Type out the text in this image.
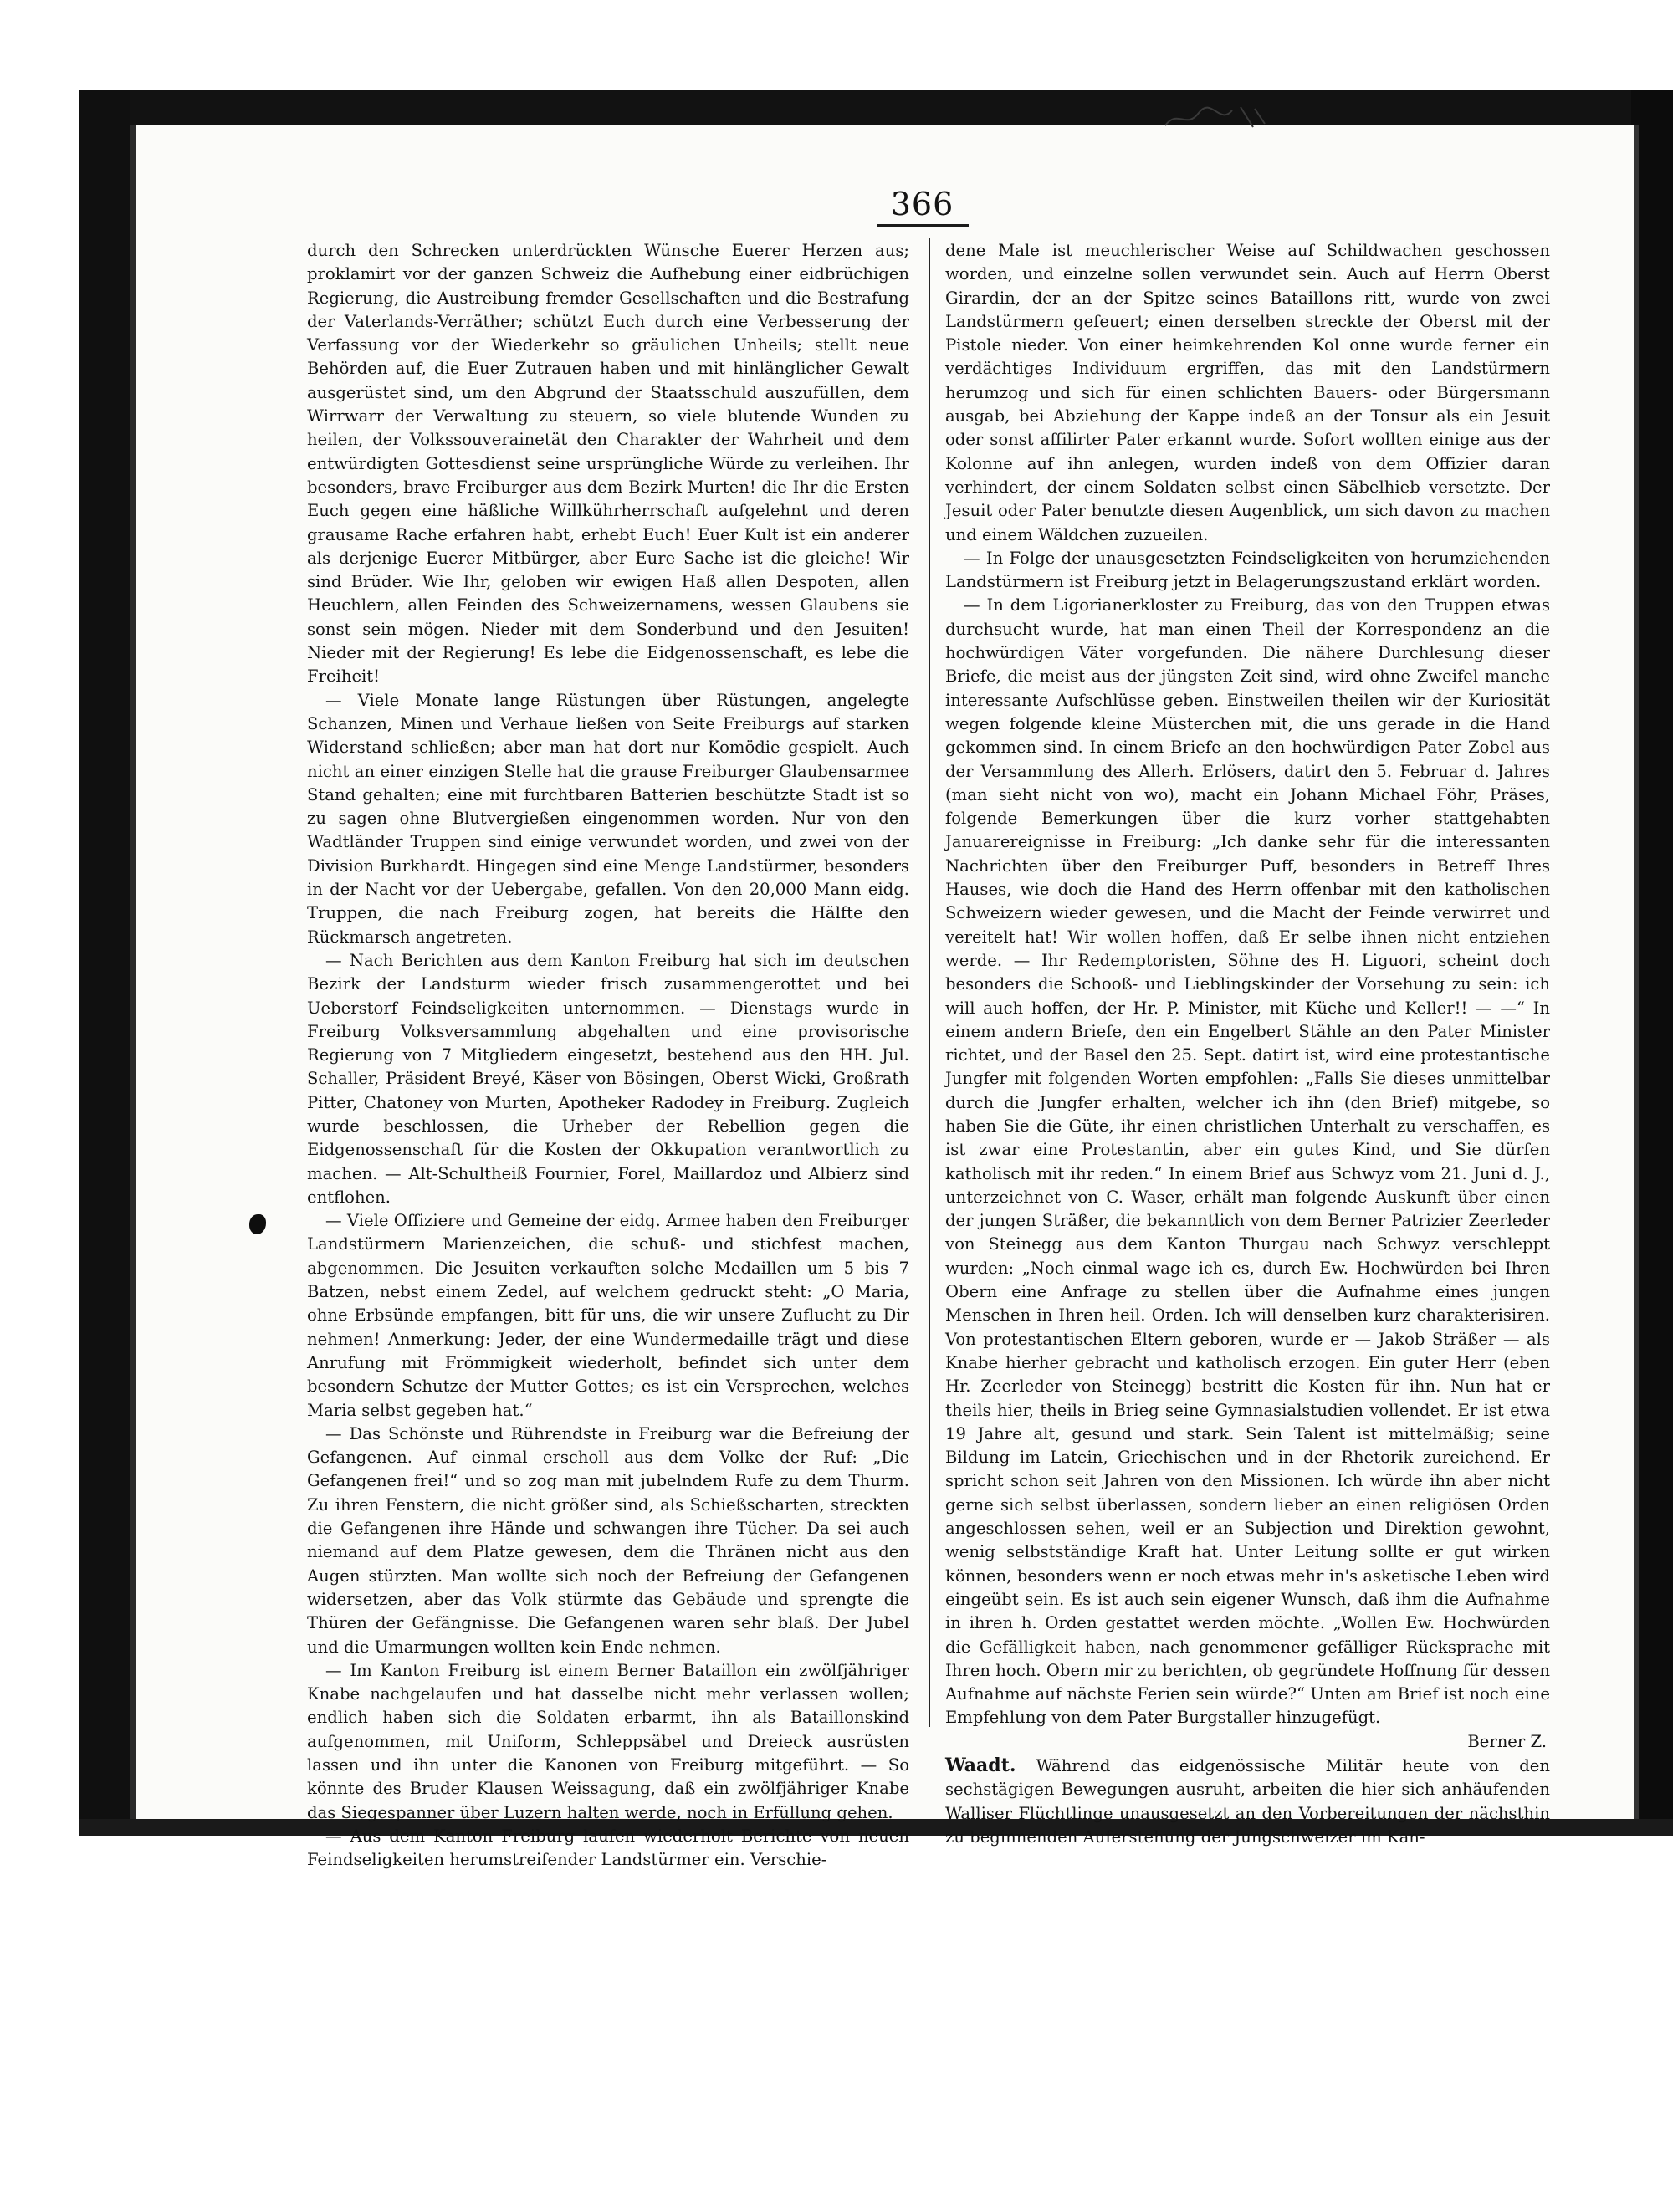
366

durch den Schrecken unterdrückten Wünsche Euerer Herzen aus; proklamirt vor der ganzen Schweiz die Aufhebung einer eidbrüchigen Regierung, die Austreibung fremder Gesellschaften und die Bestrafung der Vaterlands-Verräther; schützt Euch durch eine Verbesserung der Verfassung vor der Wiederkehr so gräulichen Unheils; stellt neue Behörden auf, die Euer Zutrauen haben und mit hinlänglicher Gewalt ausgerüstet sind, um den Abgrund der Staatsschuld auszufüllen, dem Wirrwarr der Verwaltung zu steuern, so viele blutende Wunden zu heilen, der Volkssouverainetät den Charakter der Wahrheit und dem entwürdigten Gottesdienst seine ursprüngliche Würde zu verleihen. Ihr besonders, brave Freiburger aus dem Bezirk Murten! die Ihr die Ersten Euch gegen eine häßliche Willkührherrschaft aufgelehnt und deren grausame Rache erfahren habt, erhebt Euch! Euer Kult ist ein anderer als derjenige Euerer Mitbürger, aber Eure Sache ist die gleiche! Wir sind Brüder. Wie Ihr, geloben wir ewigen Haß allen Despoten, allen Heuchlern, allen Feinden des Schweizernamens, wessen Glaubens sie sonst sein mögen. Nieder mit dem Sonderbund und den Jesuiten! Nieder mit der Regierung! Es lebe die Eidgenossenschaft, es lebe die Freiheit!

— Viele Monate lange Rüstungen über Rüstungen, angelegte Schanzen, Minen und Verhaue ließen von Seite Freiburgs auf starken Widerstand schließen; aber man hat dort nur Komödie gespielt. Auch nicht an einer einzigen Stelle hat die grause Freiburger Glaubensarmee Stand gehalten; eine mit furchtbaren Batterien beschützte Stadt ist so zu sagen ohne Blutvergießen eingenommen worden. Nur von den Wadtländer Truppen sind einige verwundet worden, und zwei von der Division Burkhardt. Hingegen sind eine Menge Landstürmer, besonders in der Nacht vor der Uebergabe, gefallen. Von den 20,000 Mann eidg. Truppen, die nach Freiburg zogen, hat bereits die Hälfte den Rückmarsch angetreten.

— Nach Berichten aus dem Kanton Freiburg hat sich im deutschen Bezirk der Landsturm wieder frisch zusammengerottet und bei Ueberstorf Feindseligkeiten unternommen. — Dienstags wurde in Freiburg Volksversammlung abgehalten und eine provisorische Regierung von 7 Mitgliedern eingesetzt, bestehend aus den HH. Jul. Schaller, Präsident Breyé, Käser von Bösingen, Oberst Wicki, Großrath Pitter, Chatoney von Murten, Apotheker Radodey in Freiburg. Zugleich wurde beschlossen, die Urheber der Rebellion gegen die Eidgenossenschaft für die Kosten der Okkupation verantwortlich zu machen. — Alt-Schultheiß Fournier, Forel, Maillardoz und Albierz sind entflohen.

— Viele Offiziere und Gemeine der eidg. Armee haben den Freiburger Landstürmern Marienzeichen, die schuß- und stichfest machen, abgenommen. Die Jesuiten verkauften solche Medaillen um 5 bis 7 Batzen, nebst einem Zedel, auf welchem gedruckt steht: „O Maria, ohne Erbsünde empfangen, bitt für uns, die wir unsere Zuflucht zu Dir nehmen! Anmerkung: Jeder, der eine Wundermedaille trägt und diese Anrufung mit Frömmigkeit wiederholt, befindet sich unter dem besondern Schutze der Mutter Gottes; es ist ein Versprechen, welches Maria selbst gegeben hat.“

— Das Schönste und Rührendste in Freiburg war die Befreiung der Gefangenen. Auf einmal erscholl aus dem Volke der Ruf: „Die Gefangenen frei!“ und so zog man mit jubelndem Rufe zu dem Thurm. Zu ihren Fenstern, die nicht größer sind, als Schießscharten, streckten die Gefangenen ihre Hände und schwangen ihre Tücher. Da sei auch niemand auf dem Platze gewesen, dem die Thränen nicht aus den Augen stürzten. Man wollte sich noch der Befreiung der Gefangenen widersetzen, aber das Volk stürmte das Gebäude und sprengte die Thüren der Gefängnisse. Die Gefangenen waren sehr blaß. Der Jubel und die Umarmungen wollten kein Ende nehmen.

— Im Kanton Freiburg ist einem Berner Bataillon ein zwölfjähriger Knabe nachgelaufen und hat dasselbe nicht mehr verlassen wollen; endlich haben sich die Soldaten erbarmt, ihn als Bataillonskind aufgenommen, mit Uniform, Schleppsäbel und Dreieck ausrüsten lassen und ihn unter die Kanonen von Freiburg mitgeführt. — So könnte des Bruder Klausen Weissagung, daß ein zwölfjähriger Knabe das Siegespanner über Luzern halten werde, noch in Erfüllung gehen.

— Aus dem Kanton Freiburg laufen wiederholt Berichte von neuen Feindseligkeiten herumstreifender Landstürmer ein. Verschie-

dene Male ist meuchlerischer Weise auf Schildwachen geschossen worden, und einzelne sollen verwundet sein. Auch auf Herrn Oberst Girardin, der an der Spitze seines Bataillons ritt, wurde von zwei Landstürmern gefeuert; einen derselben streckte der Oberst mit der Pistole nieder. Von einer heimkehrenden Kol onne wurde ferner ein verdächtiges Individuum ergriffen, das mit den Landstürmern herumzog und sich für einen schlichten Bauers- oder Bürgersmann ausgab, bei Abziehung der Kappe indeß an der Tonsur als ein Jesuit oder sonst affilirter Pater erkannt wurde. Sofort wollten einige aus der Kolonne auf ihn anlegen, wurden indeß von dem Offizier daran verhindert, der einem Soldaten selbst einen Säbelhieb versetzte. Der Jesuit oder Pater benutzte diesen Augenblick, um sich davon zu machen und einem Wäldchen zuzueilen.

— In Folge der unausgesetzten Feindseligkeiten von herumziehenden Landstürmern ist Freiburg jetzt in Belagerungszustand erklärt worden.

— In dem Ligorianerkloster zu Freiburg, das von den Truppen etwas durchsucht wurde, hat man einen Theil der Korrespondenz an die hochwürdigen Väter vorgefunden. Die nähere Durchlesung dieser Briefe, die meist aus der jüngsten Zeit sind, wird ohne Zweifel manche interessante Aufschlüsse geben. Einstweilen theilen wir der Kuriosität wegen folgende kleine Müsterchen mit, die uns gerade in die Hand gekommen sind. In einem Briefe an den hochwürdigen Pater Zobel aus der Versammlung des Allerh. Erlösers, datirt den 5. Februar d. Jahres (man sieht nicht von wo), macht ein Johann Michael Föhr, Präses, folgende Bemerkungen über die kurz vorher stattgehabten Januarereignisse in Freiburg: „Ich danke sehr für die interessanten Nachrichten über den Freiburger Puff, besonders in Betreff Ihres Hauses, wie doch die Hand des Herrn offenbar mit den katholischen Schweizern wieder gewesen, und die Macht der Feinde verwirret und vereitelt hat! Wir wollen hoffen, daß Er selbe ihnen nicht entziehen werde. — Ihr Redemptoristen, Söhne des H. Liguori, scheint doch besonders die Schooß- und Lieblingskinder der Vorsehung zu sein: ich will auch hoffen, der Hr. P. Minister, mit Küche und Keller!! — —“ In einem andern Briefe, den ein Engelbert Stähle an den Pater Minister richtet, und der Basel den 25. Sept. datirt ist, wird eine protestantische Jungfer mit folgenden Worten empfohlen: „Falls Sie dieses unmittelbar durch die Jungfer erhalten, welcher ich ihn (den Brief) mitgebe, so haben Sie die Güte, ihr einen christlichen Unterhalt zu verschaffen, es ist zwar eine Protestantin, aber ein gutes Kind, und Sie dürfen katholisch mit ihr reden.“ In einem Brief aus Schwyz vom 21. Juni d. J., unterzeichnet von C. Waser, erhält man folgende Auskunft über einen der jungen Sträßer, die bekanntlich von dem Berner Patrizier Zeerleder von Steinegg aus dem Kanton Thurgau nach Schwyz verschleppt wurden: „Noch einmal wage ich es, durch Ew. Hochwürden bei Ihren Obern eine Anfrage zu stellen über die Aufnahme eines jungen Menschen in Ihren heil. Orden. Ich will denselben kurz charakterisiren. Von protestantischen Eltern geboren, wurde er — Jakob Sträßer — als Knabe hierher gebracht und katholisch erzogen. Ein guter Herr (eben Hr. Zeerleder von Steinegg) bestritt die Kosten für ihn. Nun hat er theils hier, theils in Brieg seine Gymnasialstudien vollendet. Er ist etwa 19 Jahre alt, gesund und stark. Sein Talent ist mittelmäßig; seine Bildung im Latein, Griechischen und in der Rhetorik zureichend. Er spricht schon seit Jahren von den Missionen. Ich würde ihn aber nicht gerne sich selbst überlassen, sondern lieber an einen religiösen Orden angeschlossen sehen, weil er an Subjection und Direktion gewohnt, wenig selbstständige Kraft hat. Unter Leitung sollte er gut wirken können, besonders wenn er noch etwas mehr in's asketische Leben wird eingeübt sein. Es ist auch sein eigener Wunsch, daß ihm die Aufnahme in ihren h. Orden gestattet werden möchte. „Wollen Ew. Hochwürden die Gefälligkeit haben, nach genommener gefälliger Rücksprache mit Ihren hoch. Obern mir zu berichten, ob gegründete Hoffnung für dessen Aufnahme auf nächste Ferien sein würde?“ Unten am Brief ist noch eine Empfehlung von dem Pater Burgstaller hinzugefügt.

Berner Z.

Waadt. Während das eidgenössische Militär heute von den sechstägigen Bewegungen ausruht, arbeiten die hier sich anhäufenden Walliser Flüchtlinge unausgesetzt an den Vorbereitungen der nächsthin zu beginnenden Auferstehung der Jungschweizer im Kan-
